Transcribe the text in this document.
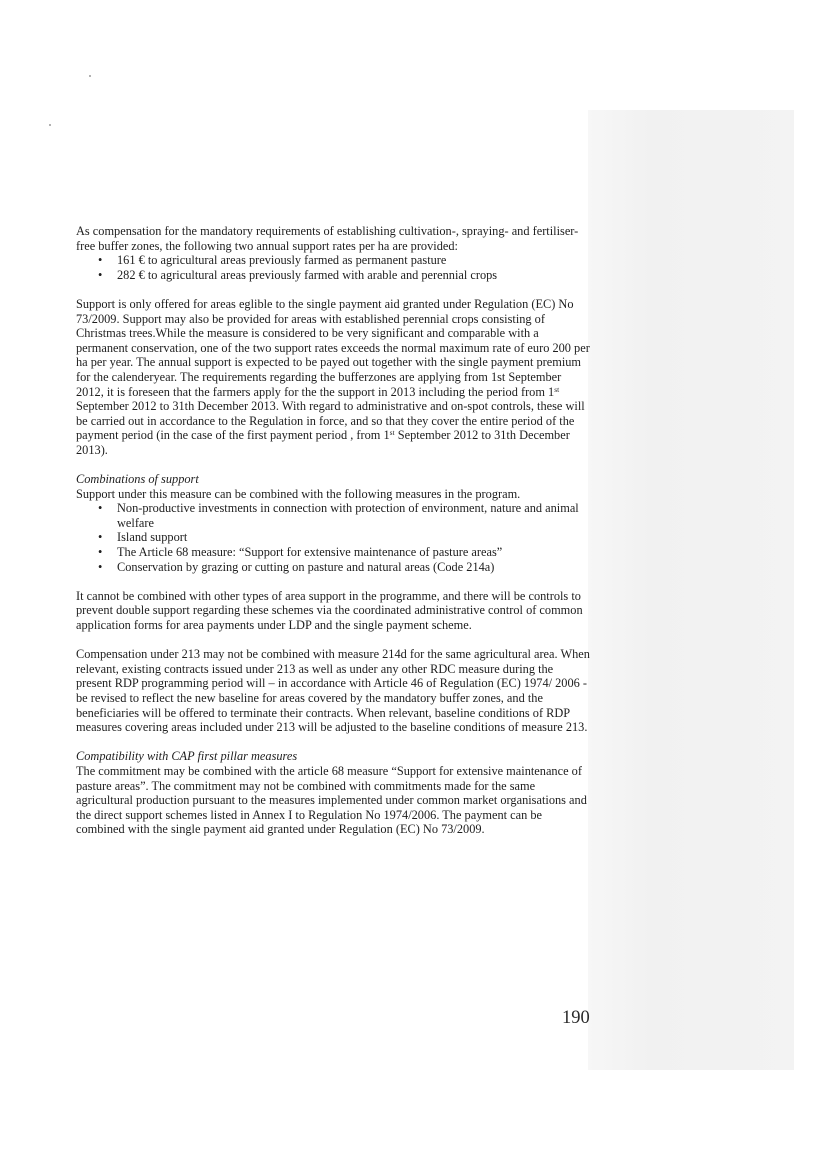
As compensation for the mandatory requirements of establishing cultivation-, spraying- and fertiliser-free buffer zones, the following two annual support rates per ha are provided:

• 161 € to agricultural areas previously farmed as permanent pasture
• 282 € to agricultural areas previously farmed with arable and perennial crops

Support is only offered for areas eglible to the single payment aid granted under Regulation (EC) No 73/2009. Support may also be provided for areas with established perennial crops consisting of Christmas trees.While the measure is considered to be very significant and comparable with a permanent conservation, one of the two support rates exceeds the normal maximum rate of euro 200 per ha per year. The annual support is expected to be payed out together with the single payment premium for the calenderyear. The requirements regarding the bufferzones are applying from 1st September 2012, it is foreseen that the farmers apply for the the support in 2013 including the period from 1st September 2012 to 31th December 2013. With regard to administrative and on-spot controls, these will be carried out in accordance to the Regulation in force, and so that they cover the entire period of the payment period (in the case of the first payment period , from 1st September 2012 to 31th December 2013).

Combinations of support

Support under this measure can be combined with the following measures in the program.

• Non-productive investments in connection with protection of environment, nature and animal welfare
• Island support
• The Article 68 measure: “Support for extensive maintenance of pasture areas”
• Conservation by grazing or cutting on pasture and natural areas (Code 214a)

It cannot be combined with other types of area support in the programme, and there will be controls to prevent double support regarding these schemes via the coordinated administrative control of common application forms for area payments under LDP and the single payment scheme.

Compensation under 213 may not be combined with measure 214d for the same agricultural area. When relevant, existing contracts issued under 213 as well as under any other RDC measure during the present RDP programming period will – in accordance with Article 46 of Regulation (EC) 1974/ 2006 - be revised to reflect the new baseline for areas covered by the mandatory buffer zones, and the beneficiaries will be offered to terminate their contracts. When relevant, baseline conditions of RDP measures covering areas included under 213 will be adjusted to the baseline conditions of measure 213.

Compatibility with CAP first pillar measures

The commitment may be combined with the article 68 measure “Support for extensive maintenance of pasture areas”. The commitment may not be combined with commitments made for the same agricultural production pursuant to the measures implemented under common market organisations and the direct support schemes listed in Annex I to Regulation No 1974/2006. The payment can be combined with the single payment aid granted under Regulation (EC) No 73/2009.

190
